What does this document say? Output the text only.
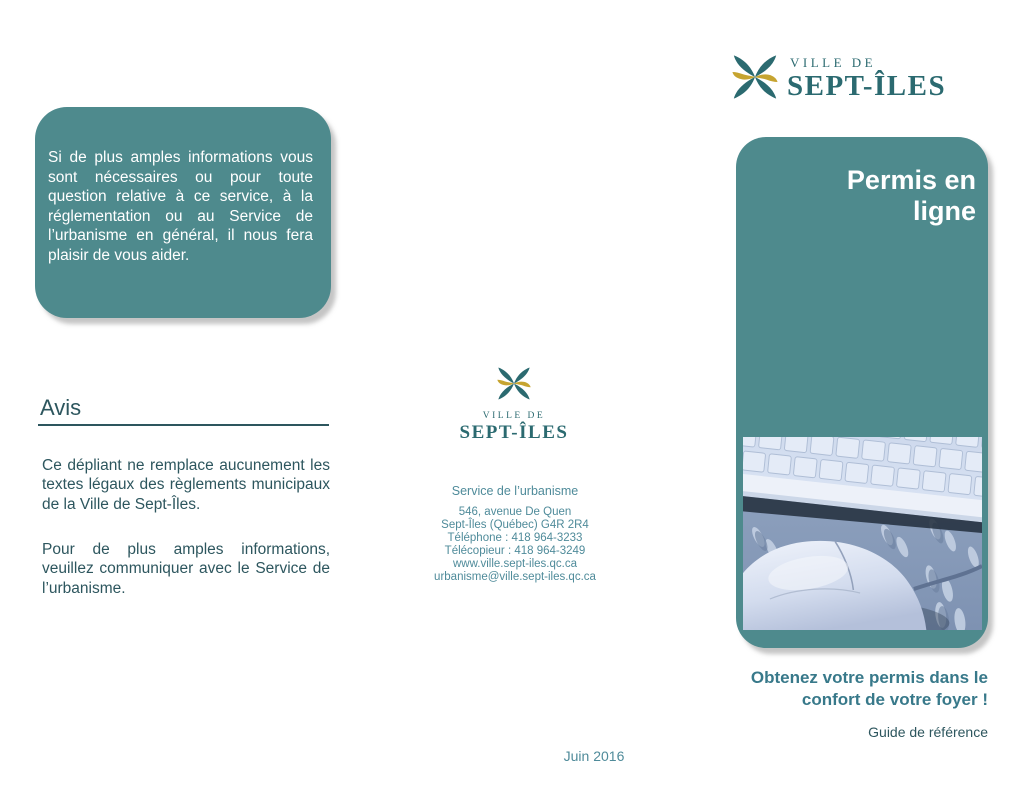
VILLE DE
SEPT-ÎLES
Si de plus amples informations vous sont nécessaires ou pour toute question relative à ce service, à la réglementation ou au Service de l’urbanisme en général, il nous fera plaisir de vous aider.
Avis
Ce dépliant ne remplace aucunement les textes légaux des règlements municipaux de la Ville de Sept-Îles.
Pour de plus amples informations, veuillez communiquer avec le Service de l’urbanisme.
VILLE DE
SEPT-ÎLES
Service de l’urbanisme
546, avenue De Quen
Sept-Îles (Québec) G4R 2R4
Téléphone : 418 964-3233
Télécopieur : 418 964-3249
www.ville.sept-iles.qc.ca
urbanisme@ville.sept-iles.qc.ca
Permis en
ligne
Obtenez votre permis dans le
confort de votre foyer !
Guide de référence
Juin 2016
